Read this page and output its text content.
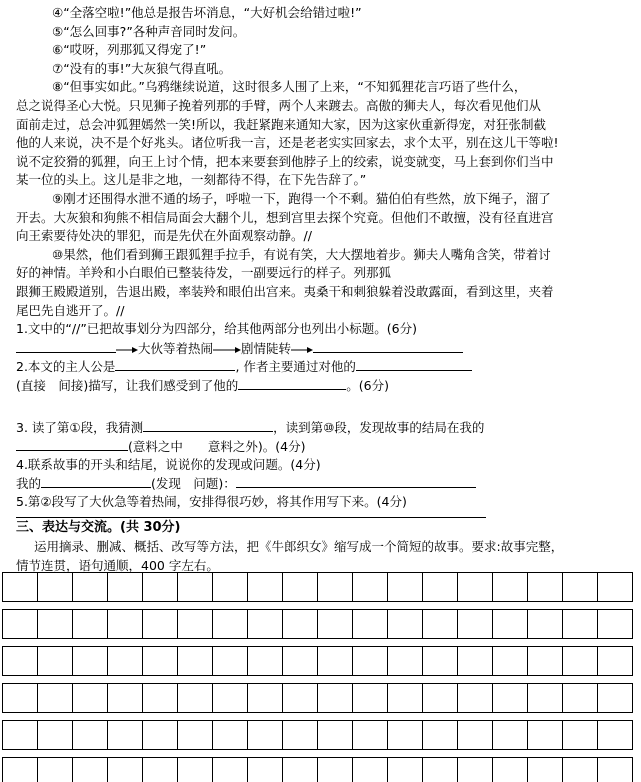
④“全落空啦!”他总是报告坏消息，“大好机会给错过啦!”
⑤“怎么回事?”各种声音同时发问。
⑥“哎呀，列那狐又得宠了!”
⑦“没有的事!”大灰狼气得直吼。
⑧“但事实如此。”乌鸦继续说道，这时很多人围了上来，“不知狐狸花言巧语了些什么，
总之说得圣心大悦。只见狮子挽着列那的手臂，两个人来踱去。高傲的狮夫人，每次看见他们从
面前走过，总会冲狐狸嫣然一笑!所以，我赶紧跑来通知大家，因为这家伙重新得宠，对狂张制截
他的人来说，决不是个好兆头。诸位听我一言，还是老老实实回家去，求个太平，别在这儿干等啦!
说不定狡猾的狐狸，向王上讨个情，把本来要套到他脖子上的绞索，说变就变，马上套到你们当中
某一位的头上。这儿是非之地，一刻都待不得，在下先告辞了。”
⑨刚才还围得水泄不通的场子，呼啦一下，跑得一个不剩。猫伯伯有些然，放下绳子，溜了
开去。大灰狼和狗熊不相信局面会大翻个儿，想到宫里去探个究竟。但他们不敢擅，没有径直进宫
向王索要待处决的罪犯，而是先伏在外面观察动静。//
⑩果然，他们看到狮王跟狐狸手拉手，有说有笑，大大摆地着步。狮夫人嘴角含笑，带着讨
好的神情。羊羚和小白眼伯已整装待发，一副要远行的样子。列那狐
跟狮王殿殿道别，告退出殿，率装羚和眼伯出宫来。夷桑干和刺狼躲着没敢露面，看到这里，夹着
尾巴先自逃开了。//
1.文中的“//”已把故事划分为四部分，给其他两部分也列出小标题。(6分)
大伙等着热闹 剧情陡转
2.本文的主人公是	, 作者主要通过对他的
(直接　间接)描写，让我们感受到了他的	。(6分)
3. 读了第①段，我猜测	，读到第⑩段，发现故事的结局在我的
(意料之中　　意料之外)。(4分)
4.联系故事的开头和结尾，说说你的发现或问题。(4分)
我的	(发现　问题)：
5.第②段写了大伙急等着热闹，安排得很巧妙，将其作用写下来。(4分)
三、表达与交流。(共 30分)
运用摘录、删减、概括、改写等方法，把《牛郎织女》缩写成一个简短的故事。要求:故事完整，
情节连贯，语句通顺，400 字左右。
